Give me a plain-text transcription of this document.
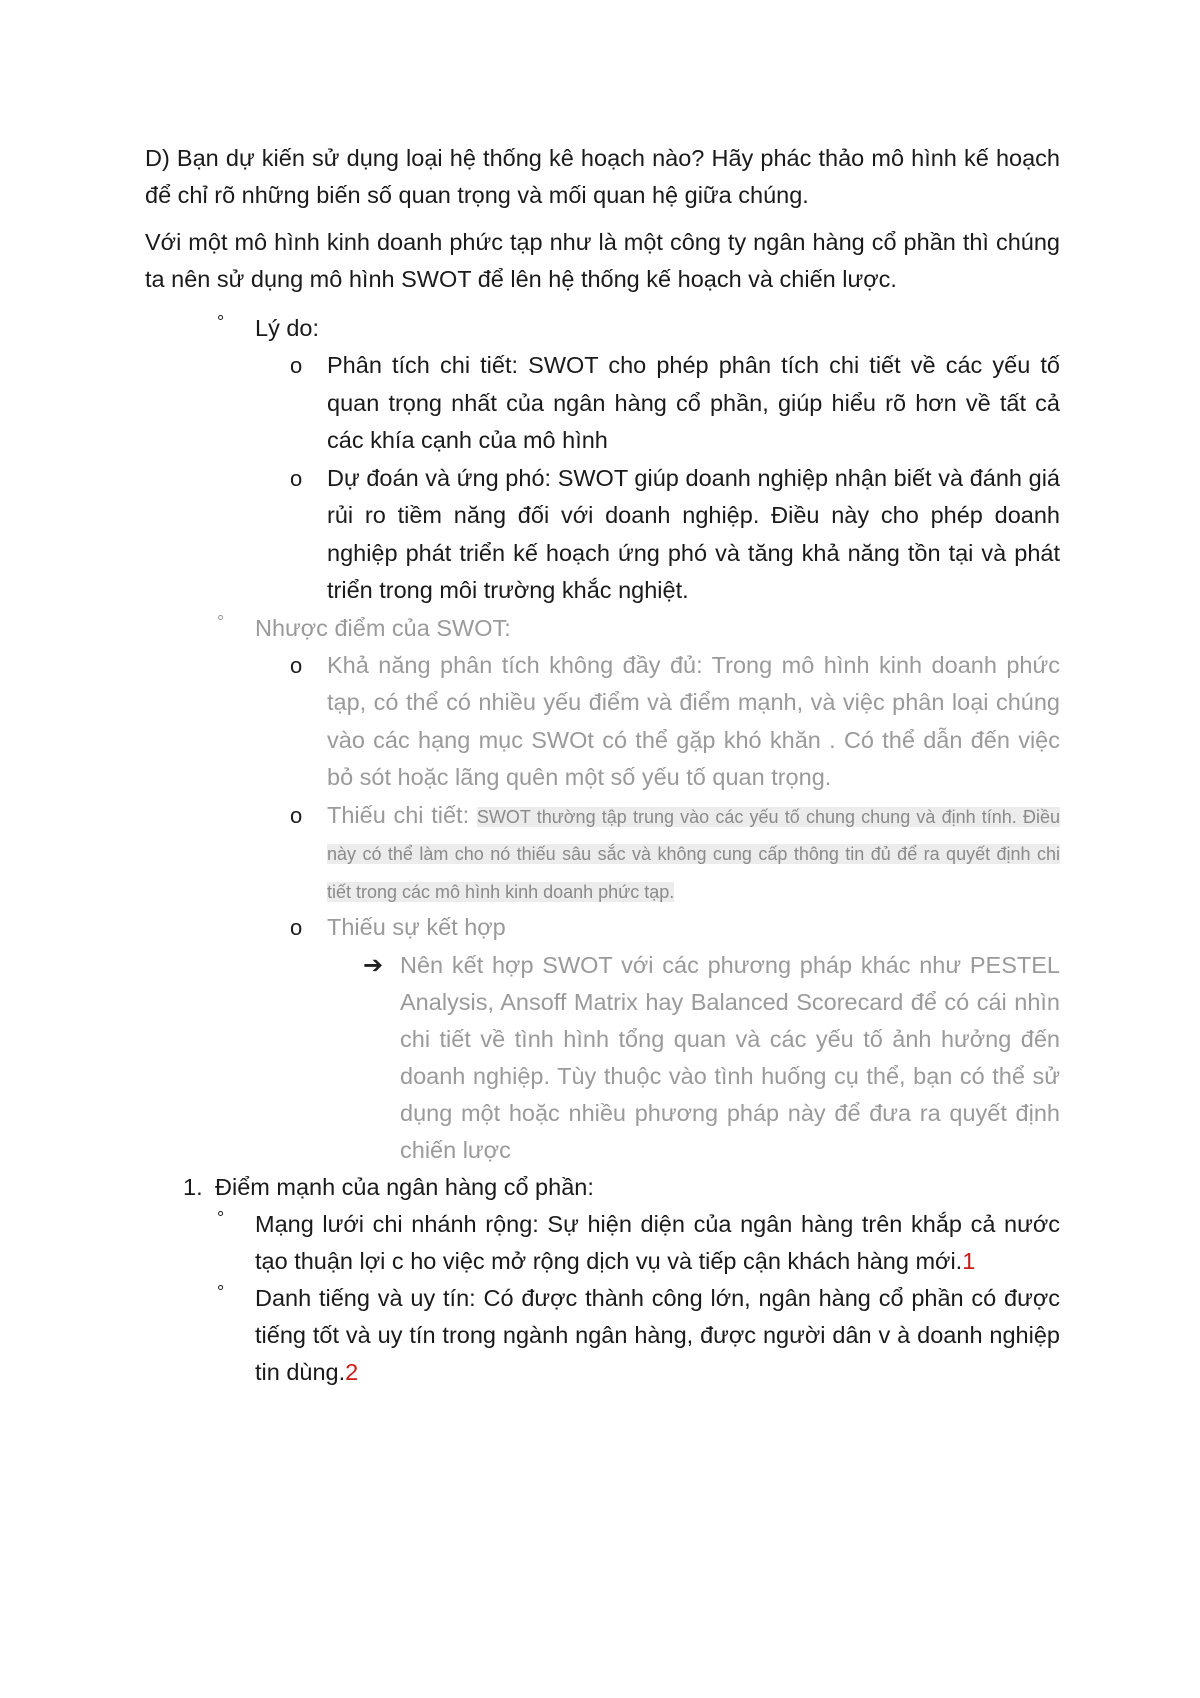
D) Bạn dự kiến sử dụng loại hệ thống kê hoạch nào? Hãy phác thảo mô hình kế hoạch để chỉ rõ những biến số quan trọng và mối quan hệ giữa chúng.

Với một mô hình kinh doanh phức tạp như là một công ty ngân hàng cổ phần thì chúng ta nên sử dụng mô hình SWOT để lên hệ thống kế hoạch và chiến lược.

° Lý do:
o Phân tích chi tiết: SWOT cho phép phân tích chi tiết về các yếu tố quan trọng nhất của ngân hàng cổ phần, giúp hiểu rõ hơn về tất cả các khía cạnh của mô hình
o Dự đoán và ứng phó: SWOT giúp doanh nghiệp nhận biết và đánh giá rủi ro tiềm năng đối với doanh nghiệp. Điều này cho phép doanh nghiệp phát triển kế hoạch ứng phó và tăng khả năng tồn tại và phát triển trong môi trường khắc nghiệt.
° Nhược điểm của SWOT:
o Khả năng phân tích không đầy đủ: Trong mô hình kinh doanh phức tạp, có thể có nhiều yếu điểm và điểm mạnh, và việc phân loại chúng vào các hạng mục SWOt có thể gặp khó khăn . Có thể dẫn đến việc bỏ sót hoặc lãng quên một số yếu tố quan trọng.
o Thiếu chi tiết: SWOT thường tập trung vào các yếu tố chung chung và định tính. Điều này có thể làm cho nó thiếu sâu sắc và không cung cấp thông tin đủ để ra quyết định chi tiết trong các mô hình kinh doanh phức tạp.
o Thiếu sự kết hợp
➔ Nên kết hợp SWOT với các phương pháp khác như PESTEL Analysis, Ansoff Matrix hay Balanced Scorecard để có cái nhìn chi tiết về tình hình tổng quan và các yếu tố ảnh hưởng đến doanh nghiệp. Tùy thuộc vào tình huống cụ thể, bạn có thể sử dụng một hoặc nhiều phương pháp này để đưa ra quyết định chiến lược
1. Điểm mạnh của ngân hàng cổ phần:
° Mạng lưới chi nhánh rộng: Sự hiện diện của ngân hàng trên khắp cả nước tạo thuận lợi c ho việc mở rộng dịch vụ và tiếp cận khách hàng mới.1
° Danh tiếng và uy tín: Có được thành công lớn, ngân hàng cổ phần có được tiếng tốt và uy tín trong ngành ngân hàng, được người dân v à doanh nghiệp tin dùng.2
